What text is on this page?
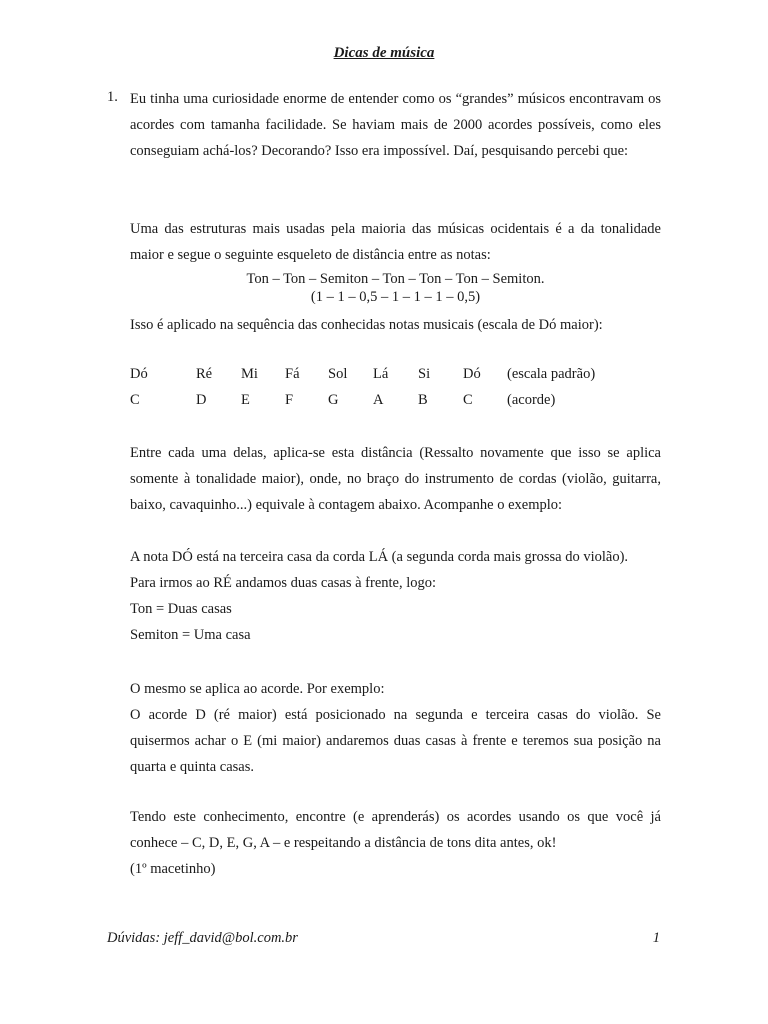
Dicas de música
1. Eu tinha uma curiosidade enorme de entender como os “grandes” músicos encontravam os acordes com tamanha facilidade. Se haviam mais de 2000 acordes possíveis, como eles conseguiam achá-los? Decorando? Isso era impossível. Daí, pesquisando percebi que:

Uma das estruturas mais usadas pela maioria das músicas ocidentais é a da tonalidade maior e segue o seguinte esqueleto de distância entre as notas:

Ton – Ton – Semiton – Ton – Ton – Ton – Semiton.

(1 – 1 – 0,5 – 1 – 1 – 1 – 0,5)

Isso é aplicado na sequência das conhecidas notas musicais (escala de Dó maior):

Dó	Ré Mi Fá Sol Lá Si Dó (escala padrão)
C	D E F G A B C (acorde)

Entre cada uma delas, aplica-se esta distância (Ressalto novamente que isso se aplica somente à tonalidade maior), onde, no braço do instrumento de cordas (violão, guitarra, baixo, cavaquinho...) equivale à contagem abaixo. Acompanhe o exemplo:

A nota DÓ está na terceira casa da corda LÁ (a segunda corda mais grossa do violão).

Para irmos ao RÉ andamos duas casas à frente, logo:

Ton = Duas casas

Semiton = Uma casa

O mesmo se aplica ao acorde. Por exemplo:

O acorde D (ré maior) está posicionado na segunda e terceira casas do violão. Se quisermos achar o E (mi maior) andaremos duas casas à frente e teremos sua posição na quarta e quinta casas.

Tendo este conhecimento, encontre (e aprenderás) os acordes usando os que você já conhece – C, D, E, G, A – e respeitando a distância de tons dita antes, ok!

(1º macetinho)

Dúvidas: jeff_david@bol.com.br	1
